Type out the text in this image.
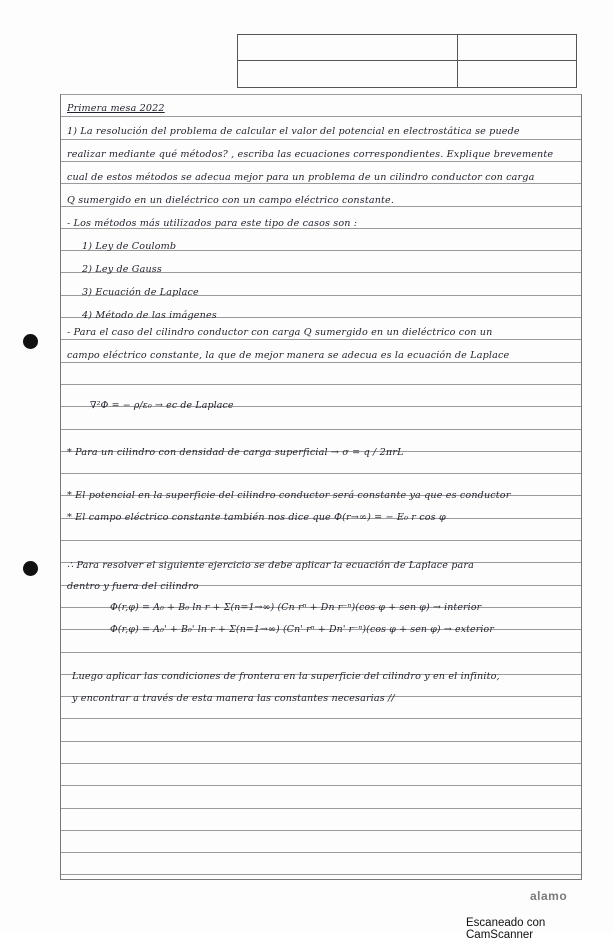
Primera mesa 2022
1) La resolución del problema de calcular el valor del potencial en electrostática se puede
realizar mediante qué métodos? , escriba las ecuaciones correspondientes. Explique brevemente
cual de estos métodos se adecua mejor para un problema de un cilindro conductor con carga
Q sumergido en un dieléctrico con un campo eléctrico constante.
- Los métodos más utilizados para este tipo de casos son :
1) Ley de Coulomb
2) Ley de Gauss
3) Ecuación de Laplace
4) Método de las imágenes
- Para el caso del cilindro conductor con carga Q sumergido en un dieléctrico con un
campo eléctrico constante, la que de mejor manera se adecua es la ecuación de Laplace
∇²Φ = − ρ/ε₀ → ec de Laplace
* Para un cilindro con densidad de carga superficial → σ = q / 2πrL
* El potencial en la superficie del cilindro conductor será constante ya que es conductor
* El campo eléctrico constante también nos dice que Φ(r→∞) = − E₀ r cos φ
∴ Para resolver el siguiente ejercicio se debe aplicar la ecuación de Laplace para
dentro y fuera del cilindro
Φ(r,φ) = A₀ + B₀ ln r + Σ(n=1→∞) (Cn rⁿ + Dn r⁻ⁿ)(cos φ + sen φ) → interior
Φ(r,φ) = A₀' + B₀' ln r + Σ(n=1→∞) (Cn' rⁿ + Dn' r⁻ⁿ)(cos φ + sen φ) → exterior
Luego aplicar las condiciones de frontera en la superficie del cilindro y en el infinito,
y encontrar a través de esta manera las constantes necesarias //
alamo
Escaneado con CamScanner
